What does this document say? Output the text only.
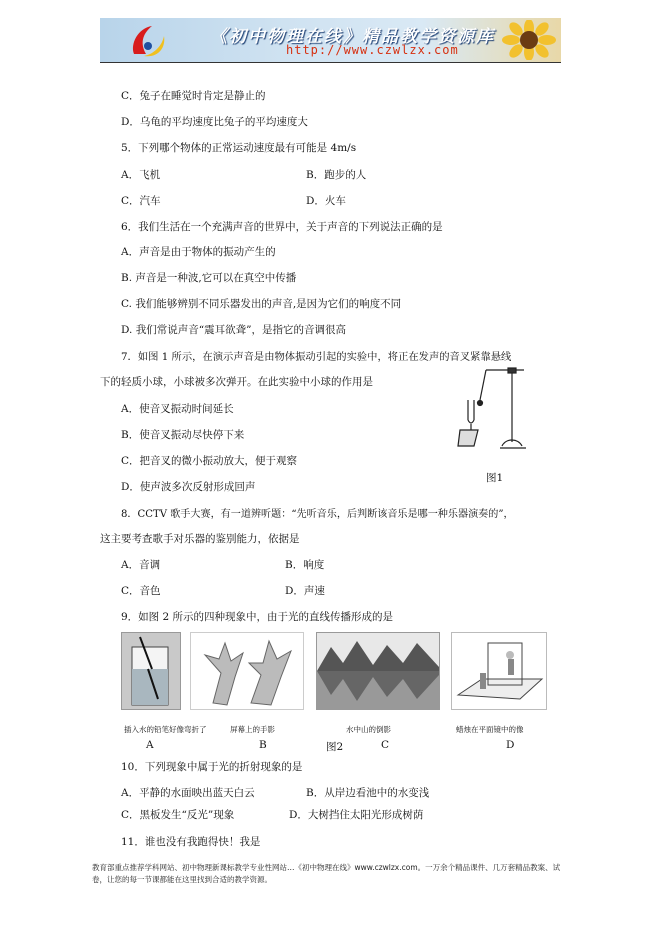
《初中物理在线》精品教学资源库
http://www.czwlzx.com
C．兔子在睡觉时肯定是静止的
D．乌龟的平均速度比兔子的平均速度大
5．下列哪个物体的正常运动速度最有可能是 4m/s
A．飞机	B．跑步的人
C．汽车	D．火车
6．我们生活在一个充满声音的世界中，关于声音的下列说法正确的是
A．声音是由于物体的振动产生的
B. 声音是一种波,它可以在真空中传播
C. 我们能够辨别不同乐器发出的声音,是因为它们的响度不同
D. 我们常说声音“震耳欲聋”，是指它的音调很高
7．如图 1 所示，在演示声音是由物体振动引起的实验中，将正在发声的音叉紧靠悬线
下的轻质小球，小球被多次弹开。在此实验中小球的作用是
A．使音叉振动时间延长
B．使音叉振动尽快停下来
C．把音叉的微小振动放大，便于观察
D．使声波多次反射形成回声
图1
8．CCTV 歌手大赛，有一道辨听题：“先听音乐，后判断该音乐是哪一种乐器演奏的”，
这主要考查歌手对乐器的鉴别能力，依据是
A．音调	B．响度
C．音色	D．声速
9．如图 2 所示的四种现象中，由于光的直线传播形成的是
插入水的铅笔好像弯折了	屏幕上的手影	水中山的倒影	蜡烛在平面镜中的像
A	B	图2	C	D
10．下列现象中属于光的折射现象的是
A．平静的水面映出蓝天白云	B．从岸边看池中的水变浅
C．黑板发生“反光”现象	D．大树挡住太阳光形成树荫
11．谁也没有我跑得快！我是
教育部重点推荐学科网站、初中物理新课标教学专业性网站…《初中物理在线》www.czwlzx.com。一万余个精品课件、几万套精品教案、试卷，让您的每一节课都能在这里找到合适的教学资源。
